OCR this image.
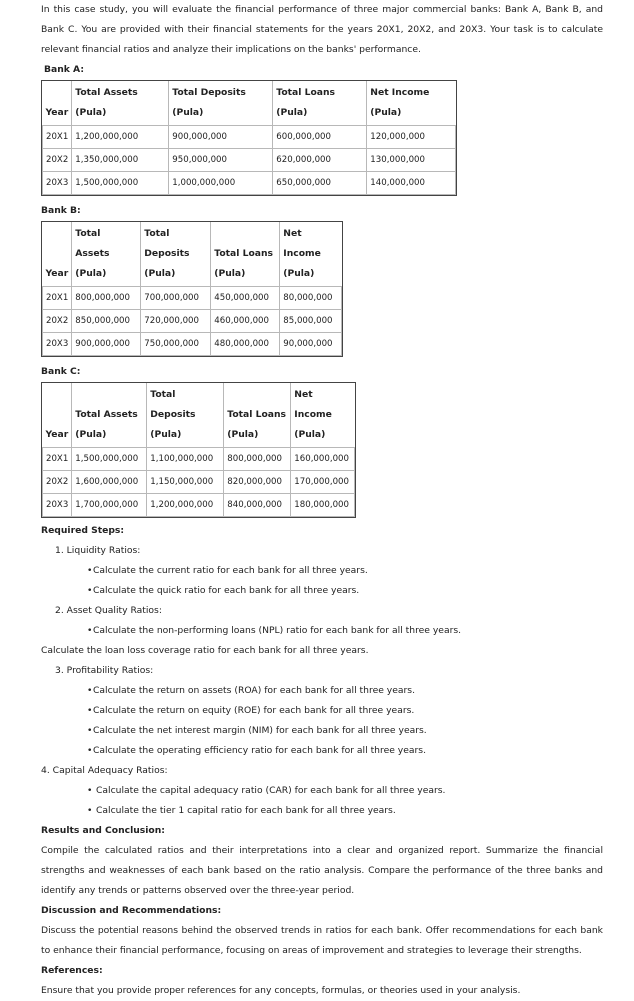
In this case study, you will evaluate the financial performance of three major commercial banks: Bank A, Bank B, and Bank C. You are provided with their financial statements for the years 20X1, 20X2, and 20X3. Your task is to calculate relevant financial ratios and analyze their implications on the banks' performance.

Bank A:

Year	Total Assets (Pula)	Total Deposits (Pula)	Total Loans (Pula)	Net Income (Pula)
20X1	1,200,000,000	900,000,000	600,000,000	120,000,000
20X2	1,350,000,000	950,000,000	620,000,000	130,000,000
20X3	1,500,000,000	1,000,000,000	650,000,000	140,000,000

Bank B:

Year	Total Assets (Pula)	Total Deposits (Pula)	Total Loans (Pula)	Net Income (Pula)
20X1	800,000,000	700,000,000	450,000,000	80,000,000
20X2	850,000,000	720,000,000	460,000,000	85,000,000
20X3	900,000,000	750,000,000	480,000,000	90,000,000

Bank C:

Year	Total Assets (Pula)	Total Deposits (Pula)	Total Loans (Pula)	Net Income (Pula)
20X1	1,500,000,000	1,100,000,000	800,000,000	160,000,000
20X2	1,600,000,000	1,150,000,000	820,000,000	170,000,000
20X3	1,700,000,000	1,200,000,000	840,000,000	180,000,000

Required Steps:

1. Liquidity Ratios:

•Calculate the current ratio for each bank for all three years.

•Calculate the quick ratio for each bank for all three years.

2. Asset Quality Ratios:

•Calculate the non-performing loans (NPL) ratio for each bank for all three years.

Calculate the loan loss coverage ratio for each bank for all three years.

3. Profitability Ratios:

•Calculate the return on assets (ROA) for each bank for all three years.

•Calculate the return on equity (ROE) for each bank for all three years.

•Calculate the net interest margin (NIM) for each bank for all three years.

•Calculate the operating efficiency ratio for each bank for all three years.

4. Capital Adequacy Ratios:

• Calculate the capital adequacy ratio (CAR) for each bank for all three years.

• Calculate the tier 1 capital ratio for each bank for all three years.

Results and Conclusion:

Compile the calculated ratios and their interpretations into a clear and organized report. Summarize the financial strengths and weaknesses of each bank based on the ratio analysis. Compare the performance of the three banks and identify any trends or patterns observed over the three-year period.

Discussion and Recommendations:

Discuss the potential reasons behind the observed trends in ratios for each bank. Offer recommendations for each bank to enhance their financial performance, focusing on areas of improvement and strategies to leverage their strengths.

References:

Ensure that you provide proper references for any concepts, formulas, or theories used in your analysis.
